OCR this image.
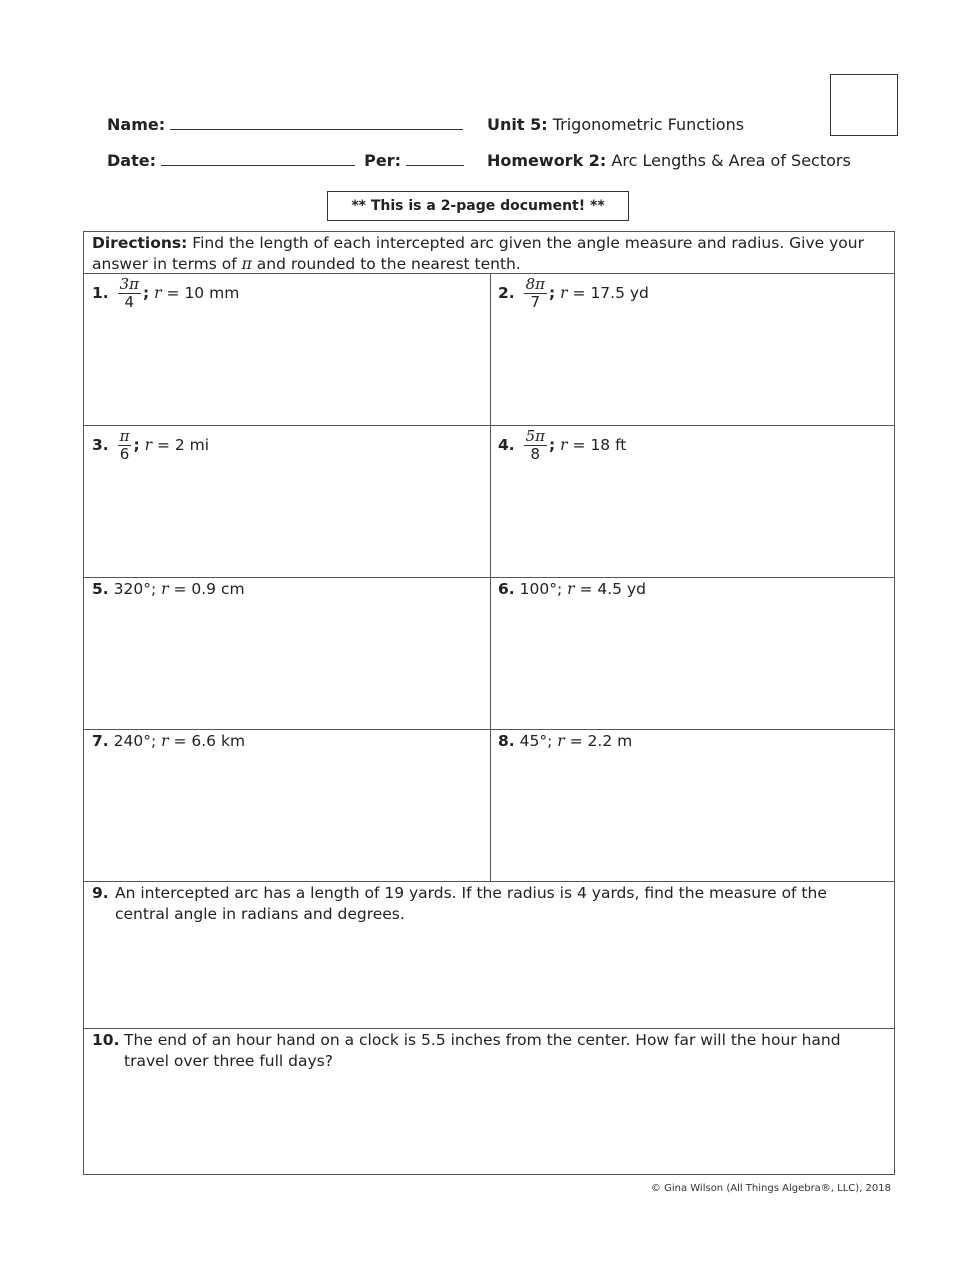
Name:
Date:	Per:
Unit 5: Trigonometric Functions
Homework 2: Arc Lengths & Area of Sectors
** This is a 2-page document! **
Directions: Find the length of each intercepted arc given the angle measure and radius. Give your answer in terms of π and rounded to the nearest tenth.
1. $\frac{3\pi}{4}$ ; r = 10 mm	2. $\frac{8\pi}{7}$ ; r = 17.5 yd
3. $\frac{\pi}{6}$ ; r = 2 mi	4. $\frac{5\pi}{8}$ ; r = 18 ft
5. 320°; r = 0.9 cm	6. 100°; r = 4.5 yd
7. 240°; r = 6.6 km	8. 45°; r = 2.2 m
9. An intercepted arc has a length of 19 yards. If the radius is 4 yards, find the measure of the central angle in radians and degrees.
10. The end of an hour hand on a clock is 5.5 inches from the center. How far will the hour hand travel over three full days?
© Gina Wilson (All Things Algebra®, LLC), 2018
